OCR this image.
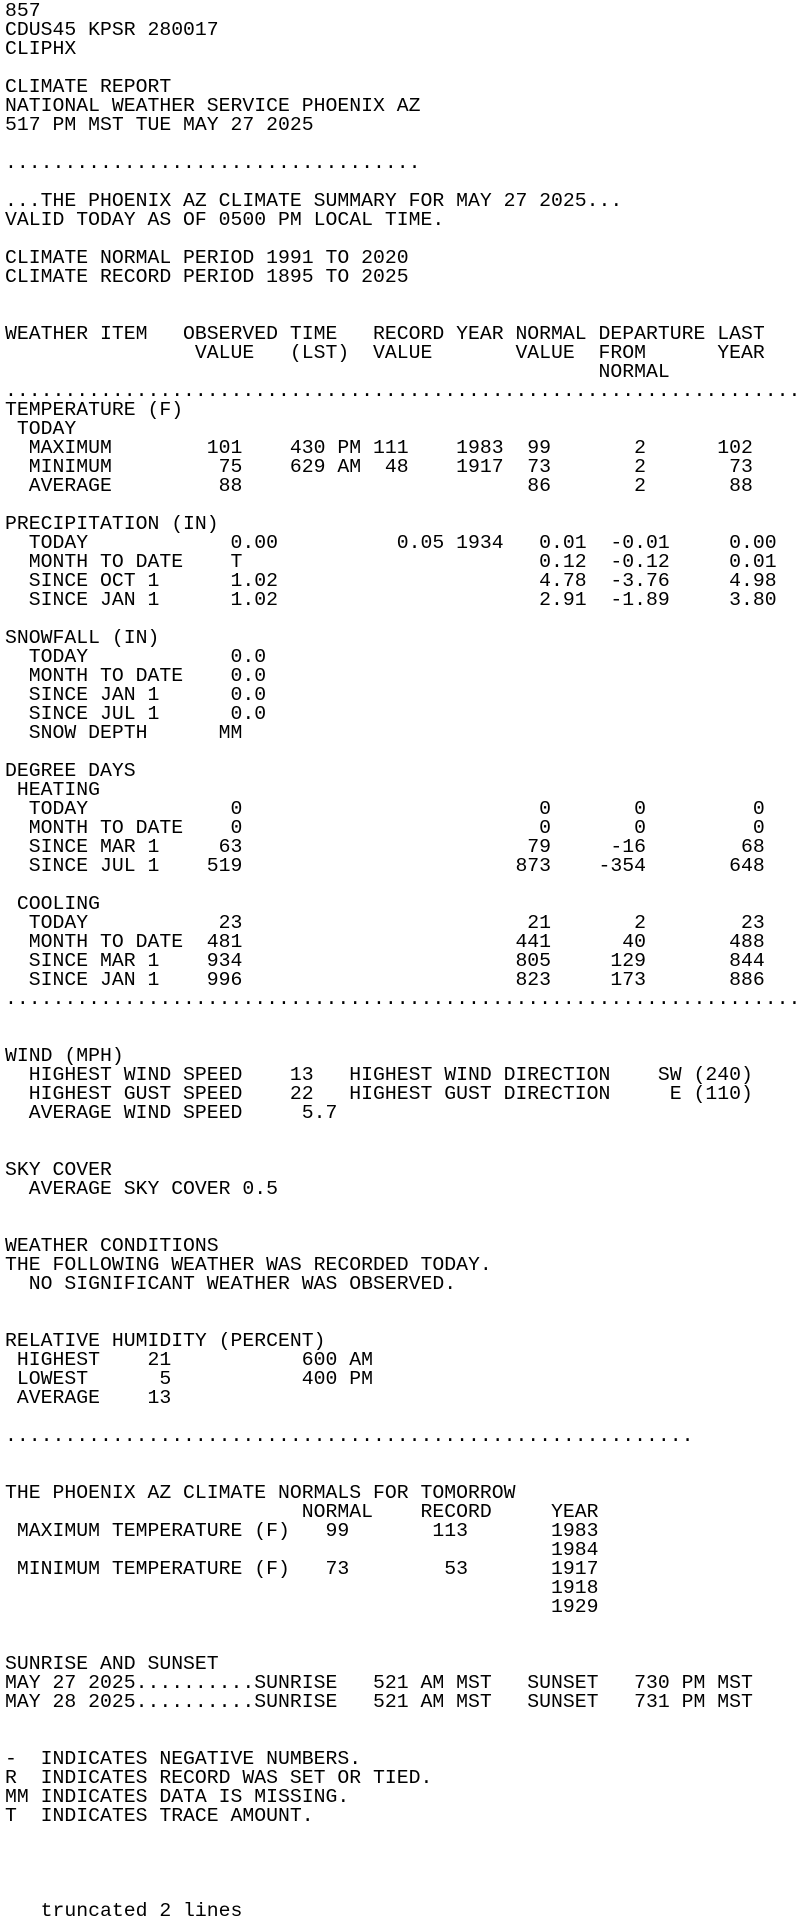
857
CDUS45 KPSR 280017
CLIPHX

CLIMATE REPORT
NATIONAL WEATHER SERVICE PHOENIX AZ
517 PM MST TUE MAY 27 2025

...................................

...THE PHOENIX AZ CLIMATE SUMMARY FOR MAY 27 2025...
VALID TODAY AS OF 0500 PM LOCAL TIME.

CLIMATE NORMAL PERIOD 1991 TO 2020
CLIMATE RECORD PERIOD 1895 TO 2025

WEATHER ITEM   OBSERVED TIME   RECORD YEAR NORMAL DEPARTURE LAST
VALUE   (LST)  VALUE       VALUE  FROM      YEAR
NORMAL
...................................................................
TEMPERATURE (F)
TODAY
MAXIMUM        101    430 PM 111    1983  99       2      102
MINIMUM         75    629 AM  48    1917  73       2       73
AVERAGE         88                        86       2       88

PRECIPITATION (IN)
TODAY            0.00          0.05 1934   0.01  -0.01     0.00
MONTH TO DATE    T                         0.12  -0.12     0.01
SINCE OCT 1      1.02                      4.78  -3.76     4.98
SINCE JAN 1      1.02                      2.91  -1.89     3.80

SNOWFALL (IN)
TODAY            0.0
MONTH TO DATE    0.0
SINCE JAN 1      0.0
SINCE JUL 1      0.0
SNOW DEPTH      MM

DEGREE DAYS
HEATING
TODAY            0                         0       0         0
MONTH TO DATE    0                         0       0         0
SINCE MAR 1     63                        79     -16        68
SINCE JUL 1    519                       873    -354       648

COOLING
TODAY           23                        21       2        23
MONTH TO DATE  481                       441      40       488
SINCE MAR 1    934                       805     129       844
SINCE JAN 1    996                       823     173       886
...................................................................

WIND (MPH)
HIGHEST WIND SPEED    13   HIGHEST WIND DIRECTION    SW (240)
HIGHEST GUST SPEED    22   HIGHEST GUST DIRECTION     E (110)
AVERAGE WIND SPEED     5.7

SKY COVER
AVERAGE SKY COVER 0.5

WEATHER CONDITIONS
THE FOLLOWING WEATHER WAS RECORDED TODAY.
NO SIGNIFICANT WEATHER WAS OBSERVED.

RELATIVE HUMIDITY (PERCENT)
HIGHEST    21           600 AM
LOWEST      5           400 PM
AVERAGE    13

..........................................................

THE PHOENIX AZ CLIMATE NORMALS FOR TOMORROW
NORMAL    RECORD     YEAR
MAXIMUM TEMPERATURE (F)   99       113       1983
1984
MINIMUM TEMPERATURE (F)   73        53       1917
1918
1929

SUNRISE AND SUNSET
MAY 27 2025..........SUNRISE   521 AM MST   SUNSET   730 PM MST
MAY 28 2025..........SUNRISE   521 AM MST   SUNSET   731 PM MST

-  INDICATES NEGATIVE NUMBERS.
R  INDICATES RECORD WAS SET OR TIED.
MM INDICATES DATA IS MISSING.
T  INDICATES TRACE AMOUNT.

truncated 2 lines
